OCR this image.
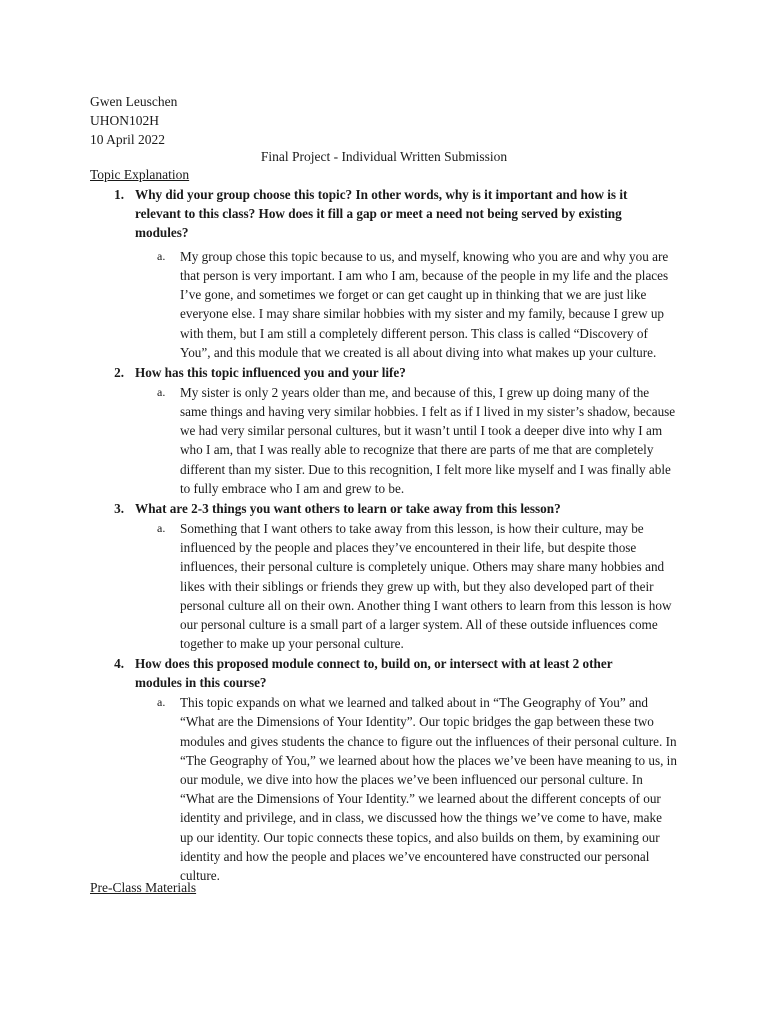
Gwen Leuschen
UHON102H
10 April 2022
Final Project - Individual Written Submission
Topic Explanation
1. Why did your group choose this topic? In other words, why is it important and how is it relevant to this class? How does it fill a gap or meet a need not being served by existing modules?
a.	My group chose this topic because to us, and myself, knowing who you are and why you are that person is very important. I am who I am, because of the people in my life and the places I’ve gone, and sometimes we forget or can get caught up in thinking that we are just like everyone else. I may share similar hobbies with my sister and my family, because I grew up with them, but I am still a completely different person. This class is called “Discovery of You”, and this module that we created is all about diving into what makes up your culture.
2. How has this topic influenced you and your life?
a.	My sister is only 2 years older than me, and because of this, I grew up doing many of the same things and having very similar hobbies. I felt as if I lived in my sister’s shadow, because we had very similar personal cultures, but it wasn’t until I took a deeper dive into why I am who I am, that I was really able to recognize that there are parts of me that are completely different than my sister. Due to this recognition, I felt more like myself and I was finally able to fully embrace who I am and grew to be.
3. What are 2-3 things you want others to learn or take away from this lesson?
a.	Something that I want others to take away from this lesson, is how their culture, may be influenced by the people and places they’ve encountered in their life, but despite those influences, their personal culture is completely unique. Others may share many hobbies and likes with their siblings or friends they grew up with, but they also developed part of their personal culture all on their own. Another thing I want others to learn from this lesson is how our personal culture is a small part of a larger system. All of these outside influences come together to make up your personal culture.
4. How does this proposed module connect to, build on, or intersect with at least 2 other modules in this course?
a.	This topic expands on what we learned and talked about in “The Geography of You” and “What are the Dimensions of Your Identity”. Our topic bridges the gap between these two modules and gives students the chance to figure out the influences of their personal culture. In “The Geography of You,” we learned about how the places we’ve been have meaning to us, in our module, we dive into how the places we’ve been influenced our personal culture. In “What are the Dimensions of Your Identity.” we learned about the different concepts of our identity and privilege, and in class, we discussed how the things we’ve come to have, make up our identity. Our topic connects these topics, and also builds on them, by examining our identity and how the people and places we’ve encountered have constructed our personal culture.
Pre-Class Materials
